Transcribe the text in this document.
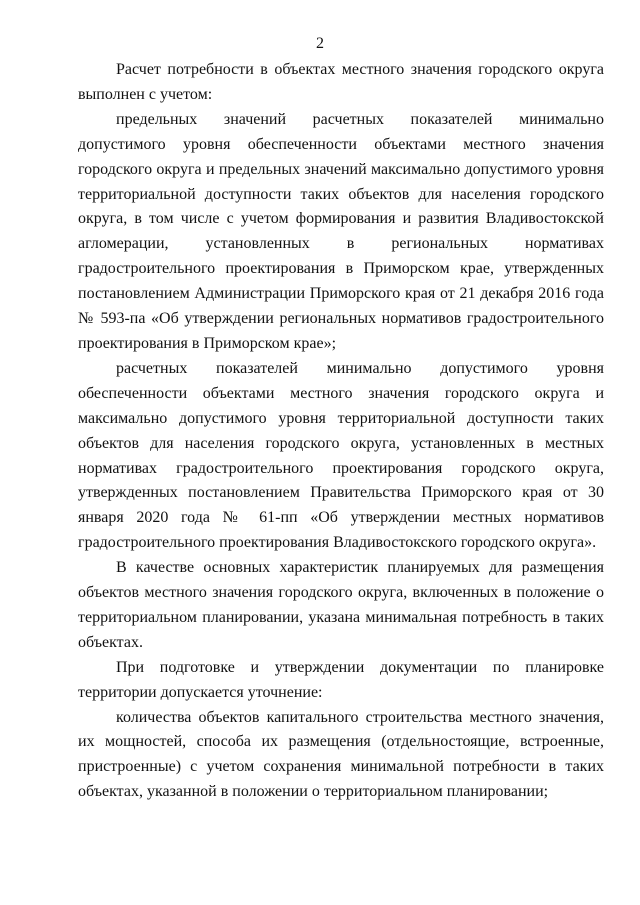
2

Расчет потребности в объектах местного значения городского округа выполнен с учетом:

предельных значений расчетных показателей минимально допустимого уровня обеспеченности объектами местного значения городского округа и предельных значений максимально допустимого уровня территориальной доступности таких объектов для населения городского округа, в том числе с учетом формирования и развития Владивостокской агломерации, установленных в региональных нормативах градостроительного проектирования в Приморском крае, утвержденных постановлением Администрации Приморского края от 21 декабря 2016 года № 593-па «Об утверждении региональных нормативов градостроительного проектирования в Приморском крае»;

расчетных показателей минимально допустимого уровня обеспеченности объектами местного значения городского округа и максимально допустимого уровня территориальной доступности таких объектов для населения городского округа, установленных в местных нормативах градостроительного проектирования городского округа, утвержденных постановлением Правительства Приморского края от 30 января 2020 года № 61-пп «Об утверждении местных нормативов градостроительного проектирования Владивостокского городского округа».

В качестве основных характеристик планируемых для размещения объектов местного значения городского округа, включенных в положение о территориальном планировании, указана минимальная потребность в таких объектах.

При подготовке и утверждении документации по планировке территории допускается уточнение:

количества объектов капитального строительства местного значения, их мощностей, способа их размещения (отдельностоящие, встроенные, пристроенные) с учетом сохранения минимальной потребности в таких объектах, указанной в положении о территориальном планировании;
